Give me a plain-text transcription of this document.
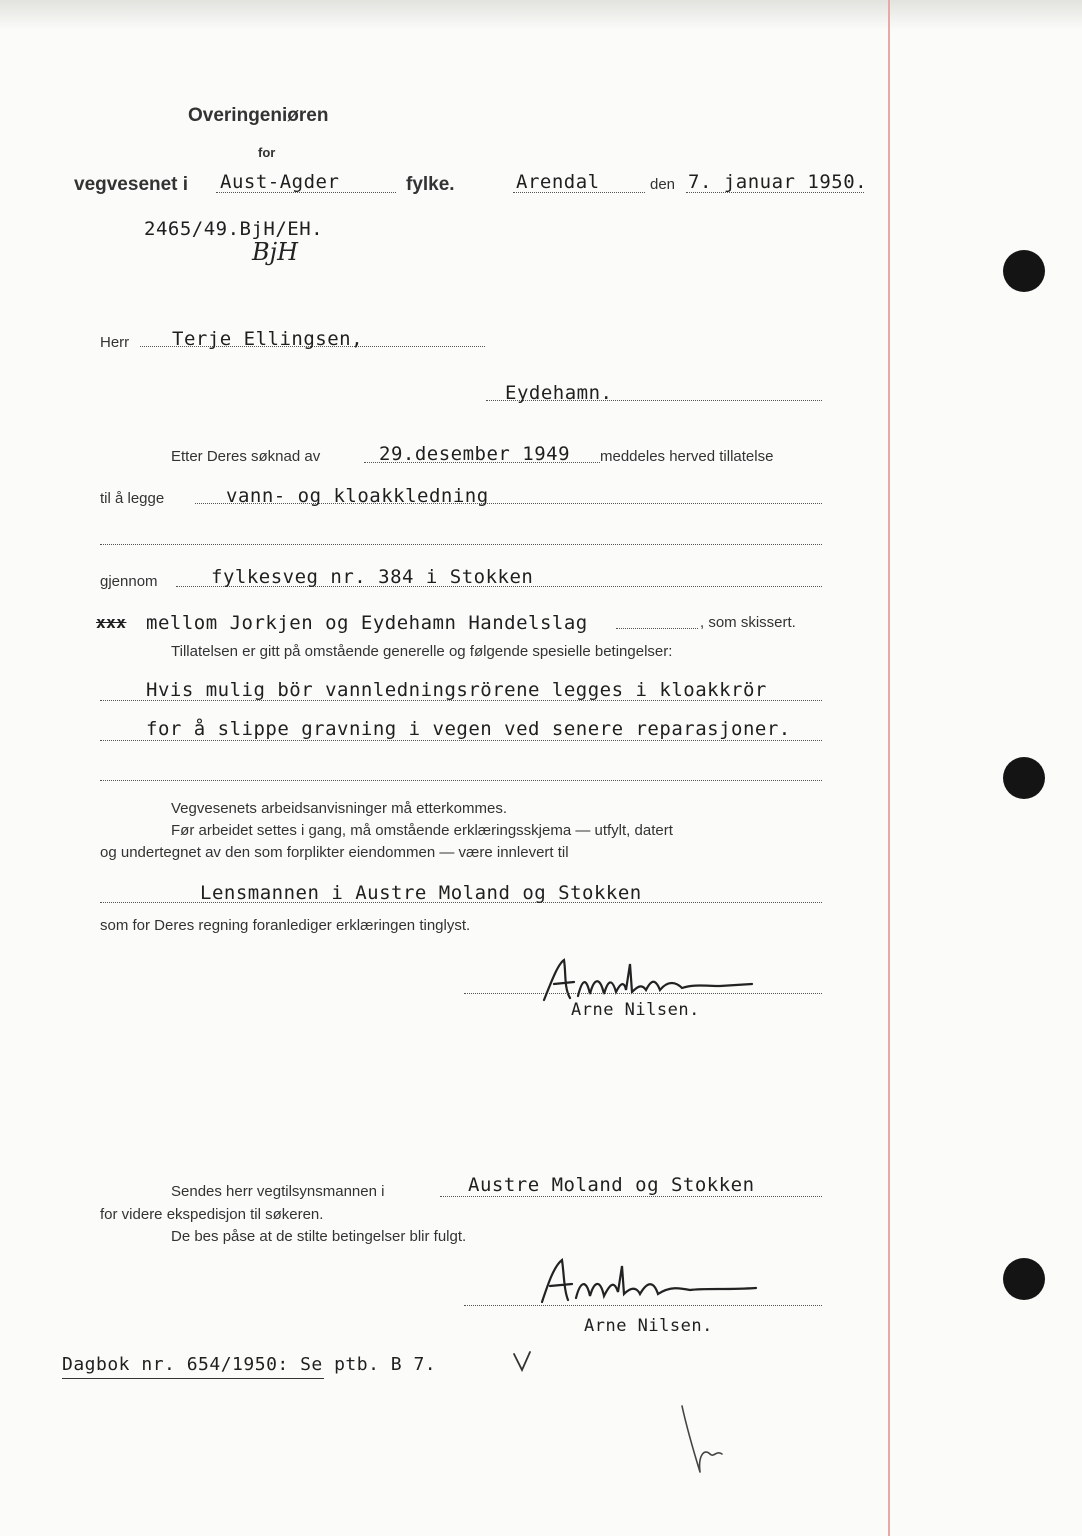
Overingeniøren
for
vegvesenet i Aust-Agder	fylke.	Arendal	den 7. januar 1950.
2465/49.BjH/EH.
BjH
Herr Terje Ellingsen,
Eydehamn.
Etter Deres søknad av	29.desember 1949 meddeles herved tillatelse
til å legge	vann- og kloakkledning
gjennom	fylkesveg nr. 384 i Stokken
xxx mellom Jorkjen og Eydehamn Handelslag	, som skissert.
Tillatelsen er gitt på omstående generelle og følgende spesielle betingelser:
Hvis mulig bör vannledningsrörene legges i kloakkrör
for å slippe gravning i vegen ved senere reparasjoner.
Vegvesenets arbeidsanvisninger må etterkommes.
Før arbeidet settes i gang, må omstående erklæringsskjema — utfylt, datert
og undertegnet av den som forplikter eiendommen — være innlevert til
Lensmannen i Austre Moland og Stokken
som for Deres regning foranlediger erklæringen tinglyst.
Arne Nilsen.
Sendes herr vegtilsynsmannen i	Austre Moland og Stokken
for videre ekspedisjon til søkeren.
De bes påse at de stilte betingelser blir fulgt.
Arne Nilsen.
Dagbok nr. 654/1950: Se ptb. B 7.
